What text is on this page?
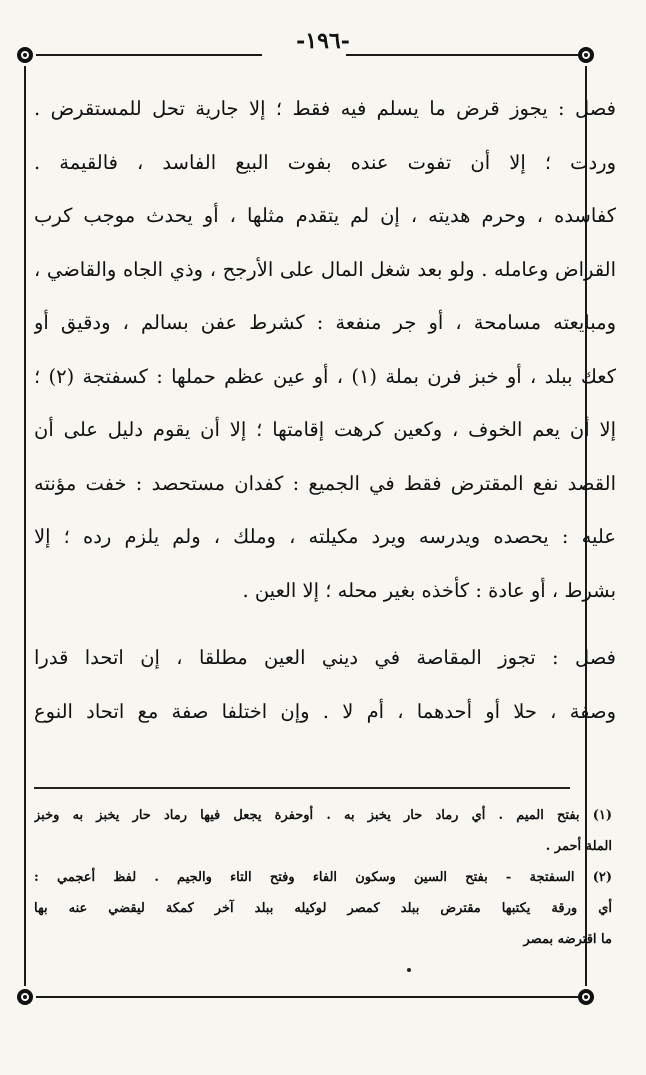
-١٩٦-
فصل : يجوز قرض ما يسلم فيه فقط ؛ إلا جارية تحل للمستقرض .
وردت ؛ إلا أن تفوت عنده بفوت البيع الفاسد ، فالقيمة .
كفاسده ، وحرم هديته ، إن لم يتقدم مثلها ، أو يحدث موجب كرب
القراض وعامله . ولو بعد شغل المال على الأرجح ، وذي الجاه والقاضي ،
ومبايعته مسامحة ، أو جر منفعة : كشرط عفن بسالم ، ودقيق أو
كعك ببلد ، أو خبز فرن بملة (١) ، أو عين عظم حملها : كسفتجة (٢) ؛
إلا أن يعم الخوف ، وكعين كرهت إقامتها ؛ إلا أن يقوم دليل على أن
القصد نفع المقترض فقط في الجميع : كفدان مستحصد : خفت مؤنته
عليه : يحصده ويدرسه ويرد مكيلته ، وملك ، ولم يلزم رده ؛ إلا
بشرط ، أو عادة : كأخذه بغير محله ؛ إلا العين .
فصل : تجوز المقاصة في ديني العين مطلقا ، إن اتحدا قدرا
وصفة ، حلا أو أحدهما ، أم لا . وإن اختلفا صفة مع اتحاد النوع
(١) بفتح الميم . أي رماد حار يخبز به . أوحفرة يجعل فيها رماد حار يخبز به وخبز
الملة أحمر .
(٢) السفتجة - بفتح السين وسكون الفاء وفتح التاء والجيم . لفظ أعجمي :
أي ورقة يكتبها مقترض ببلد كمصر لوكيله ببلد آخر كمكة ليقضي عنه بها
ما اقترضه بمصر
